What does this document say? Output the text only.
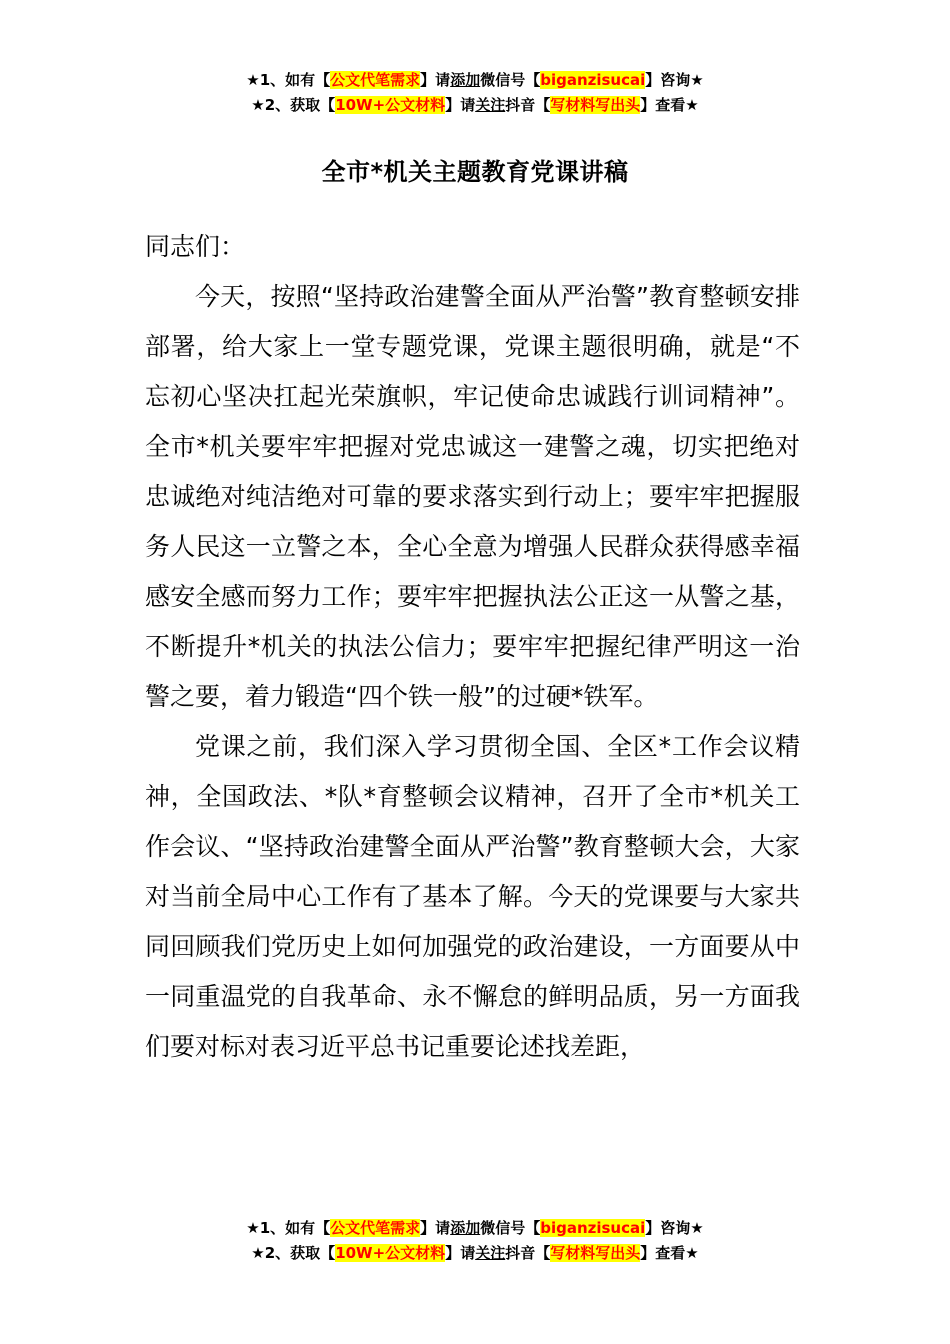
★1、如有【公文代笔需求】请添加微信号【biganzisucai】咨询★
★2、获取【10W+公文材料】请关注抖音【写材料写出头】查看★
全市*机关主题教育党课讲稿

同志们：

今天，按照“坚持政治建警全面从严治警”教育整顿安排部署，给大家上一堂专题党课，党课主题很明确，就是“不忘初心坚决扛起光荣旗帜，牢记使命忠诚践行训词精神”。全市*机关要牢牢把握对党忠诚这一建警之魂，切实把绝对忠诚绝对纯洁绝对可靠的要求落实到行动上；要牢牢把握服务人民这一立警之本，全心全意为增强人民群众获得感幸福感安全感而努力工作；要牢牢把握执法公正这一从警之基，不断提升*机关的执法公信力；要牢牢把握纪律严明这一治警之要，着力锻造“四个铁一般”的过硬*铁军。

党课之前，我们深入学习贯彻全国、全区*工作会议精神，全国政法、*队*育整顿会议精神，召开了全市*机关工作会议、“坚持政治建警全面从严治警”教育整顿大会，大家对当前全局中心工作有了基本了解。今天的党课要与大家共同回顾我们党历史上如何加强党的政治建设，一方面要从中一同重温党的自我革命、永不懈怠的鲜明品质，另一方面我们要对标对表习近平总书记重要论述找差距，

★1、如有【公文代笔需求】请添加微信号【biganzisucai】咨询★
★2、获取【10W+公文材料】请关注抖音【写材料写出头】查看★
